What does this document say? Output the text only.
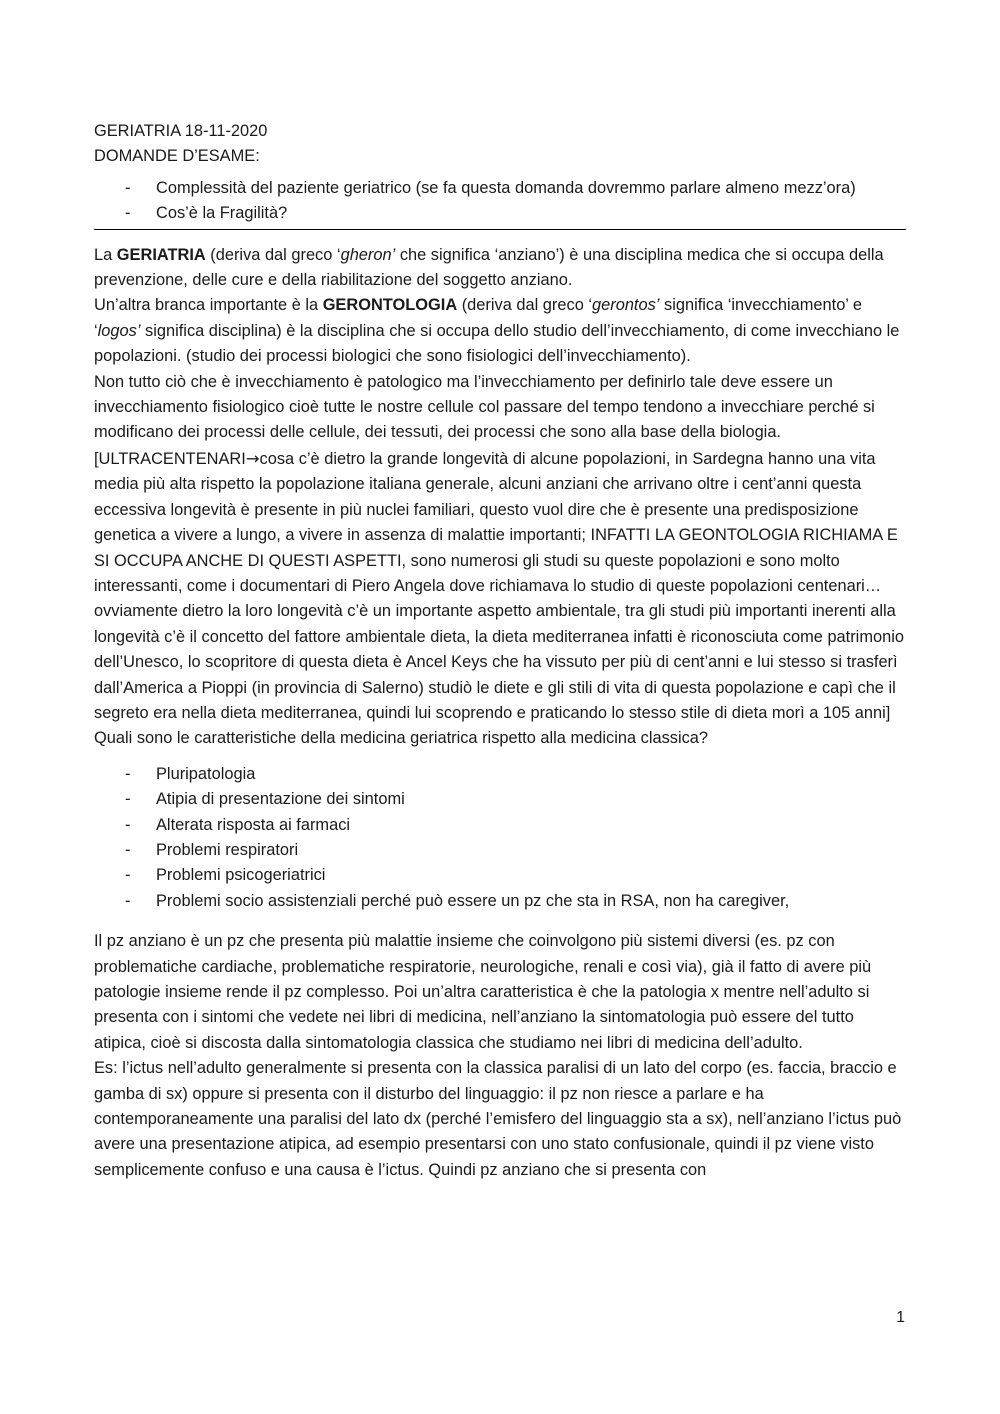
GERIATRIA 18-11-2020

DOMANDE D’ESAME:

- Complessità del paziente geriatrico (se fa questa domanda dovremmo parlare almeno mezz’ora)
- Cos’è la Fragilità?

La GERIATRIA (deriva dal greco ‘gheron’ che significa ‘anziano’) è una disciplina medica che si occupa della prevenzione, delle cure e della riabilitazione del soggetto anziano.

Un’altra branca importante è la GERONTOLOGIA (deriva dal greco ‘gerontos’ significa ‘invecchiamento’ e ‘logos’ significa disciplina) è la disciplina che si occupa dello studio dell’invecchiamento, di come invecchiano le popolazioni. (studio dei processi biologici che sono fisiologici dell’invecchiamento).

Non tutto ciò che è invecchiamento è patologico ma l’invecchiamento per definirlo tale deve essere un invecchiamento fisiologico cioè tutte le nostre cellule col passare del tempo tendono a invecchiare perché si modificano dei processi delle cellule, dei tessuti, dei processi che sono alla base della biologia.

[ULTRACENTENARI→cosa c’è dietro la grande longevità di alcune popolazioni, in Sardegna hanno una vita media più alta rispetto la popolazione italiana generale, alcuni anziani che arrivano oltre i cent’anni questa eccessiva longevità è presente in più nuclei familiari, questo vuol dire che è presente una predisposizione genetica a vivere a lungo, a vivere in assenza di malattie importanti; INFATTI LA GEONTOLOGIA RICHIAMA E SI OCCUPA ANCHE DI QUESTI ASPETTI, sono numerosi gli studi su queste popolazioni e sono molto interessanti, come i documentari di Piero Angela dove richiamava lo studio di queste popolazioni centenari…ovviamente dietro la loro longevità c’è un importante aspetto ambientale, tra gli studi più importanti inerenti alla longevità c’è il concetto del fattore ambientale dieta, la dieta mediterranea infatti è riconosciuta come patrimonio dell’Unesco, lo scopritore di questa dieta è Ancel Keys che ha vissuto per più di cent’anni e lui stesso si trasferì dall’America a Pioppi (in provincia di Salerno) studiò le diete e gli stili di vita di questa popolazione e capì che il segreto era nella dieta mediterranea, quindi lui scoprendo e praticando lo stesso stile di dieta morì a 105 anni]

Quali sono le caratteristiche della medicina geriatrica rispetto alla medicina classica?

- Pluripatologia
- Atipia di presentazione dei sintomi
- Alterata risposta ai farmaci
- Problemi respiratori
- Problemi psicogeriatrici
- Problemi socio assistenziali perché può essere un pz che sta in RSA, non ha caregiver,

Il pz anziano è un pz che presenta più malattie insieme che coinvolgono più sistemi diversi (es. pz con problematiche cardiache, problematiche respiratorie, neurologiche, renali e così via), già il fatto di avere più patologie insieme rende il pz complesso. Poi un’altra caratteristica è che la patologia x mentre nell’adulto si presenta con i sintomi che vedete nei libri di medicina, nell’anziano la sintomatologia può essere del tutto atipica, cioè si discosta dalla sintomatologia classica che studiamo nei libri di medicina dell’adulto.

Es: l’ictus nell’adulto generalmente si presenta con la classica paralisi di un lato del corpo (es. faccia, braccio e gamba di sx) oppure si presenta con il disturbo del linguaggio: il pz non riesce a parlare e ha contemporaneamente una paralisi del lato dx (perché l’emisfero del linguaggio sta a sx), nell’anziano l’ictus può avere una presentazione atipica, ad esempio presentarsi con uno stato confusionale, quindi il pz viene visto semplicemente confuso e una causa è l’ictus. Quindi pz anziano che si presenta con

1
